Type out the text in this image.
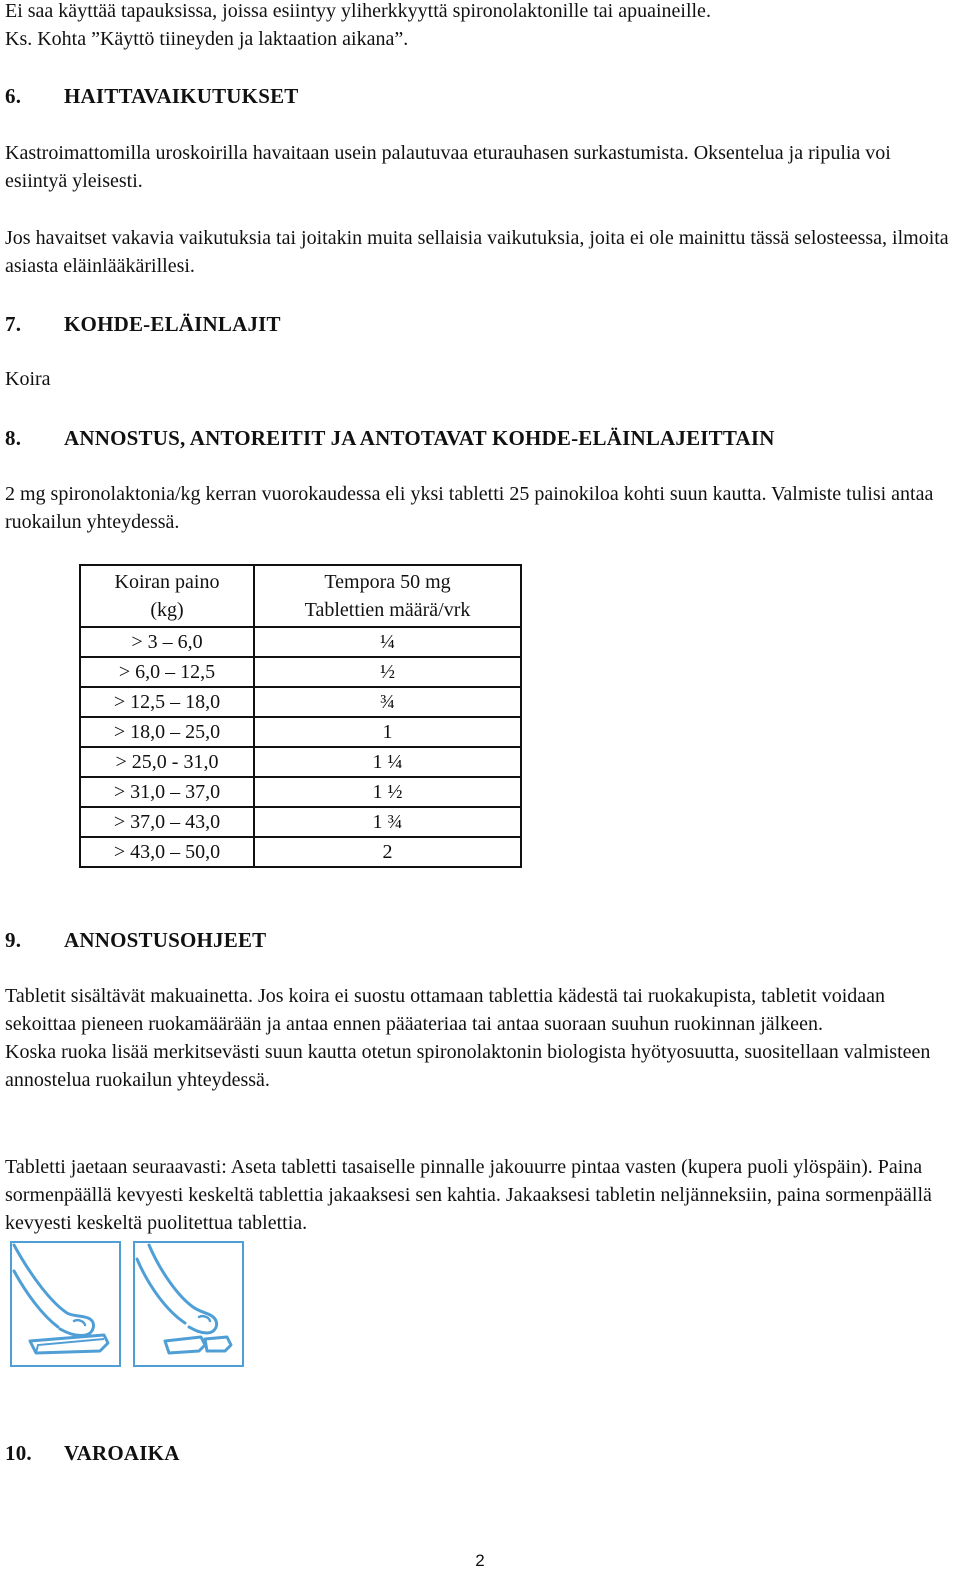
Ei saa käyttää tapauksissa, joissa esiintyy yliherkkyyttä spironolaktonille tai apuaineille.
Ks. Kohta ”Käyttö tiineyden ja laktaation aikana”.

6. HAITTAVAIKUTUKSET

Kastroimattomilla uroskoirilla havaitaan usein palautuvaa eturauhasen surkastumista. Oksentelua ja ripulia voi esiintyä yleisesti.

Jos havaitset vakavia vaikutuksia tai joitakin muita sellaisia vaikutuksia, joita ei ole mainittu tässä selosteessa, ilmoita asiasta eläinlääkärillesi.

7. KOHDE-ELÄINLAJIT

Koira

8. ANNOSTUS, ANTOREITIT JA ANTOTAVAT KOHDE-ELÄINLAJEITTAIN

2 mg spironolaktonia/kg kerran vuorokaudessa eli yksi tabletti 25 painokiloa kohti suun kautta. Valmiste tulisi antaa ruokailun yhteydessä.

Koiran paino
(kg)	Tempora 50 mg
Tablettien määrä/vrk

> 3 – 6,0	¼
> 6,0 – 12,5	½
> 12,5 – 18,0	¾
> 18,0 – 25,0	1
> 25,0 - 31,0	1 ¼
> 31,0 – 37,0	1 ½
> 37,0 – 43,0	1 ¾
> 43,0 – 50,0	2
9. ANNOSTUSOHJEET

Tabletit sisältävät makuainetta. Jos koira ei suostu ottamaan tablettia kädestä tai ruokakupista, tabletit voidaan sekoittaa pieneen ruokamäärään ja antaa ennen pääateriaa tai antaa suoraan suuhun ruokinnan jälkeen.
Koska ruoka lisää merkitsevästi suun kautta otetun spironolaktonin biologista hyötyosuutta, suositellaan valmisteen annostelua ruokailun yhteydessä.

Tabletti jaetaan seuraavasti: Aseta tabletti tasaiselle pinnalle jakouurre pintaa vasten (kupera puoli ylöspäin). Paina sormenpäällä kevyesti keskeltä tablettia jakaaksesi sen kahtia. Jakaaksesi tabletin neljänneksiin, paina sormenpäällä kevyesti keskeltä puolitettua tablettia.

10. VAROAIKA
2
